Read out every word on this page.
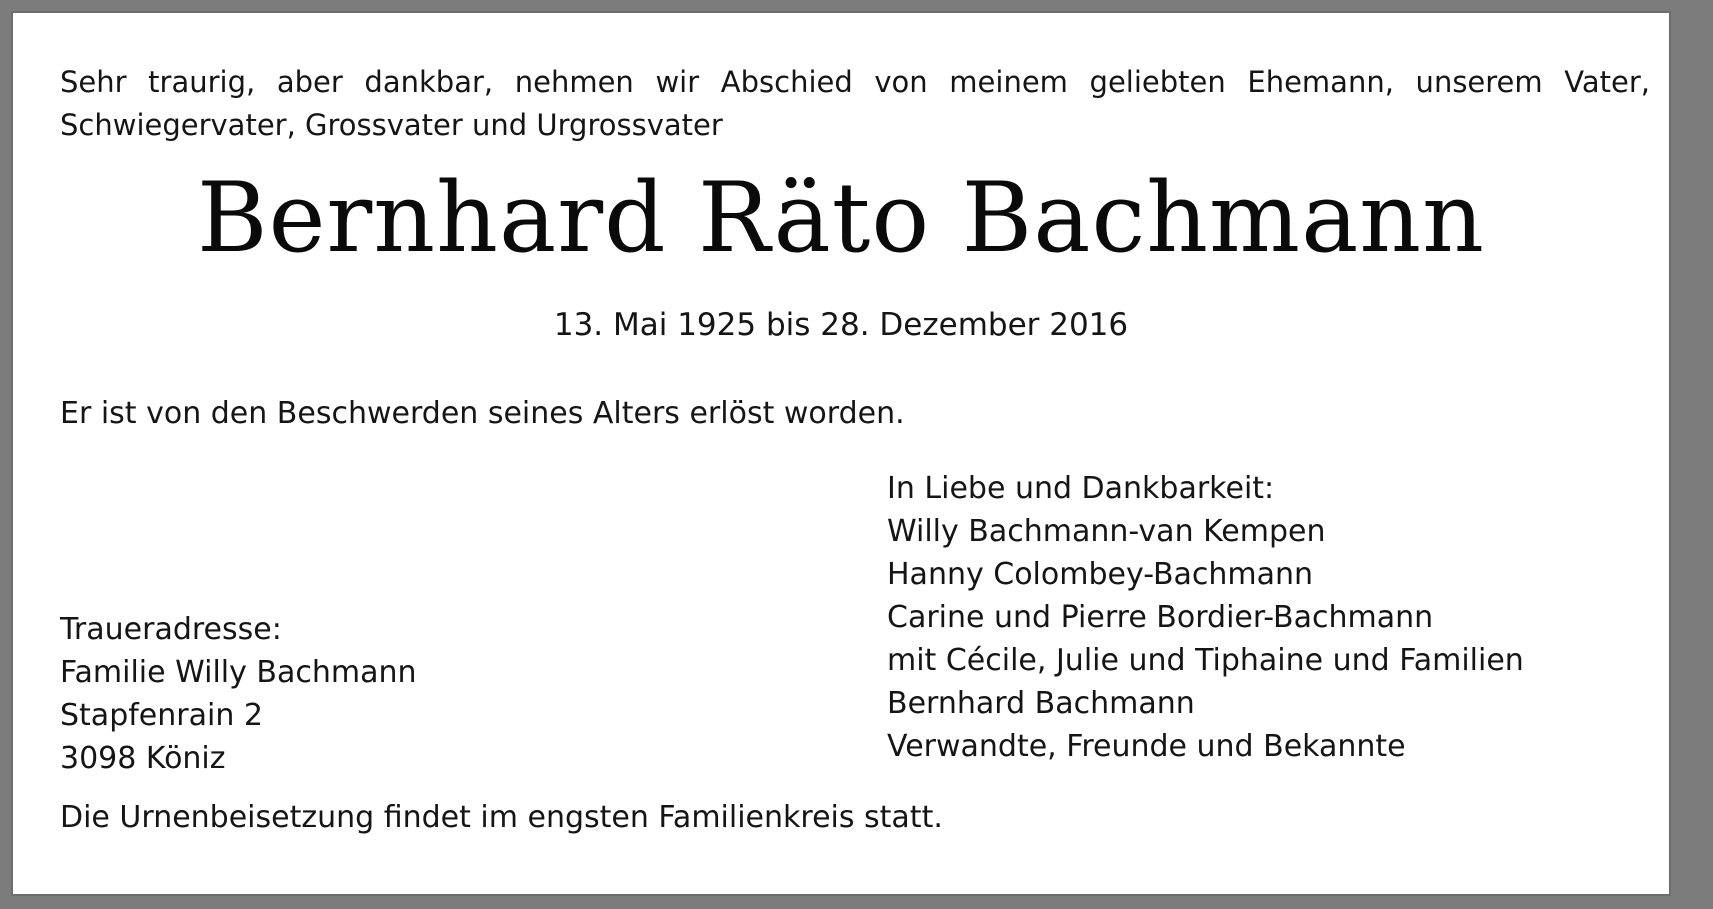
Sehr traurig, aber dankbar, nehmen wir Abschied von meinem geliebten Ehemann, unserem Vater, Schwiegervater, Grossvater und Urgrossvater
Bernhard Räto Bachmann
13. Mai 1925 bis 28. Dezember 2016
Er ist von den Beschwerden seines Alters erlöst worden.
Traueradresse:
Familie Willy Bachmann
Stapfenrain 2
3098 Köniz
In Liebe und Dankbarkeit:
Willy Bachmann-van Kempen
Hanny Colombey-Bachmann
Carine und Pierre Bordier-Bachmann
mit Cécile, Julie und Tiphaine und Familien
Bernhard Bachmann
Verwandte, Freunde und Bekannte
Die Urnenbeisetzung findet im engsten Familienkreis statt.
